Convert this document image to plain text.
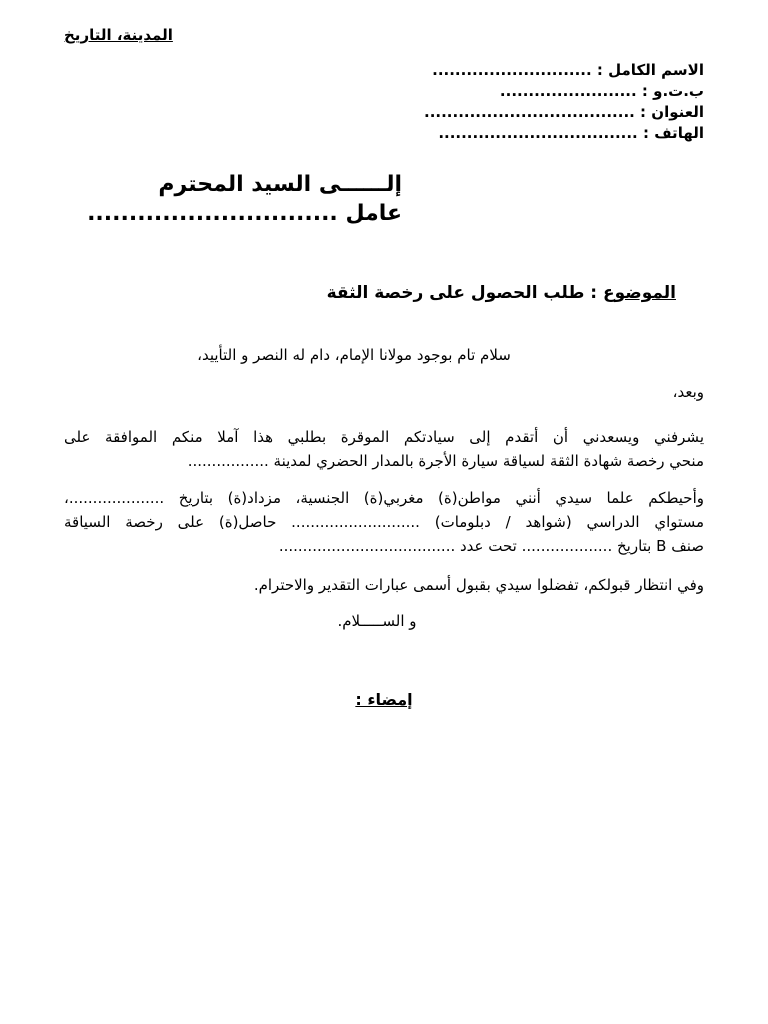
المدينة، التاريخ
الاسم الكامل : ............................
ب.ت.و : ........................
العنوان : .....................................
الهاتف : ...................................
إلــــــى السيد المحترم
عامل ..............................
الموضوع : طلب الحصول على رخصة الثقة
سلام تام بوجود مولانا الإمام، دام له النصر و التأييد،

وبعد،

يشرفني ويسعدني أن أتقدم إلى سيادتكم الموقرة بطلبي هذا آملا منكم الموافقة على

منحي رخصة شهادة الثقة لسياقة سيارة الأجرة بالمدار الحضري لمدينة .................

وأحيطكم علما سيدي أنني مواطن(ة) مغربي(ة) الجنسية، مزداد(ة) بتاريخ ....................،

مستواي الدراسي (شواهد / دبلومات) ........................... حاصل(ة) على رخصة السياقة

صنف B بتاريخ ................... تحت عدد .....................................

وفي انتظار قبولكم، تفضلوا سيدي بقبول أسمى عبارات التقدير والاحترام.

و الســـــلام.
إمضاء :
